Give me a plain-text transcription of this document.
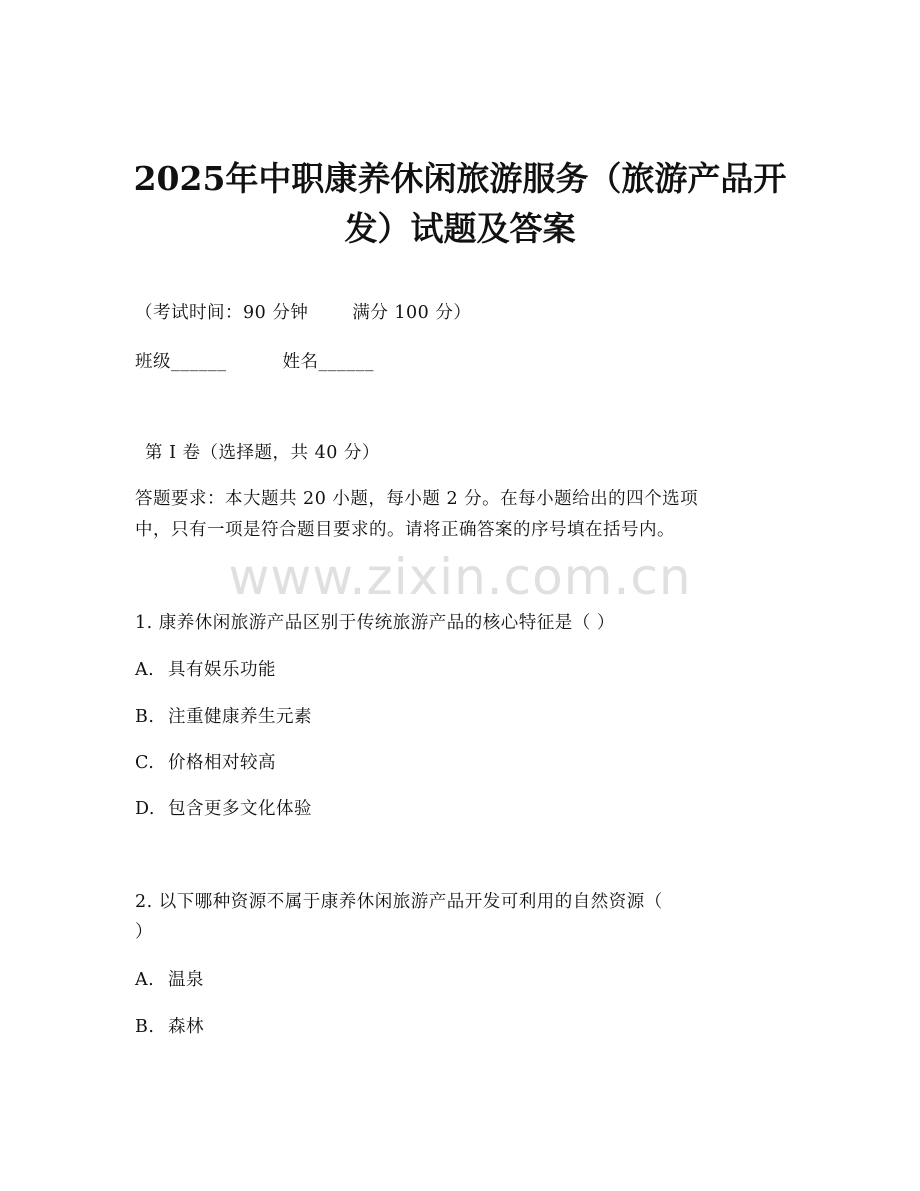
2025年中职康养休闲旅游服务（旅游产品开
发）试题及答案
（考试时间：90 分钟	满分 100 分）
班级______	姓名______
第 I 卷（选择题，共 40 分）
答题要求：本大题共 20 小题，每小题 2 分。在每小题给出的四个选项
中，只有一项是符合题目要求的。请将正确答案的序号填在括号内。
www.zixin.com.cn
1. 康养休闲旅游产品区别于传统旅游产品的核心特征是（ ）
A. 具有娱乐功能
B. 注重健康养生元素
C. 价格相对较高
D. 包含更多文化体验
2. 以下哪种资源不属于康养休闲旅游产品开发可利用的自然资源（
）
A. 温泉
B. 森林
